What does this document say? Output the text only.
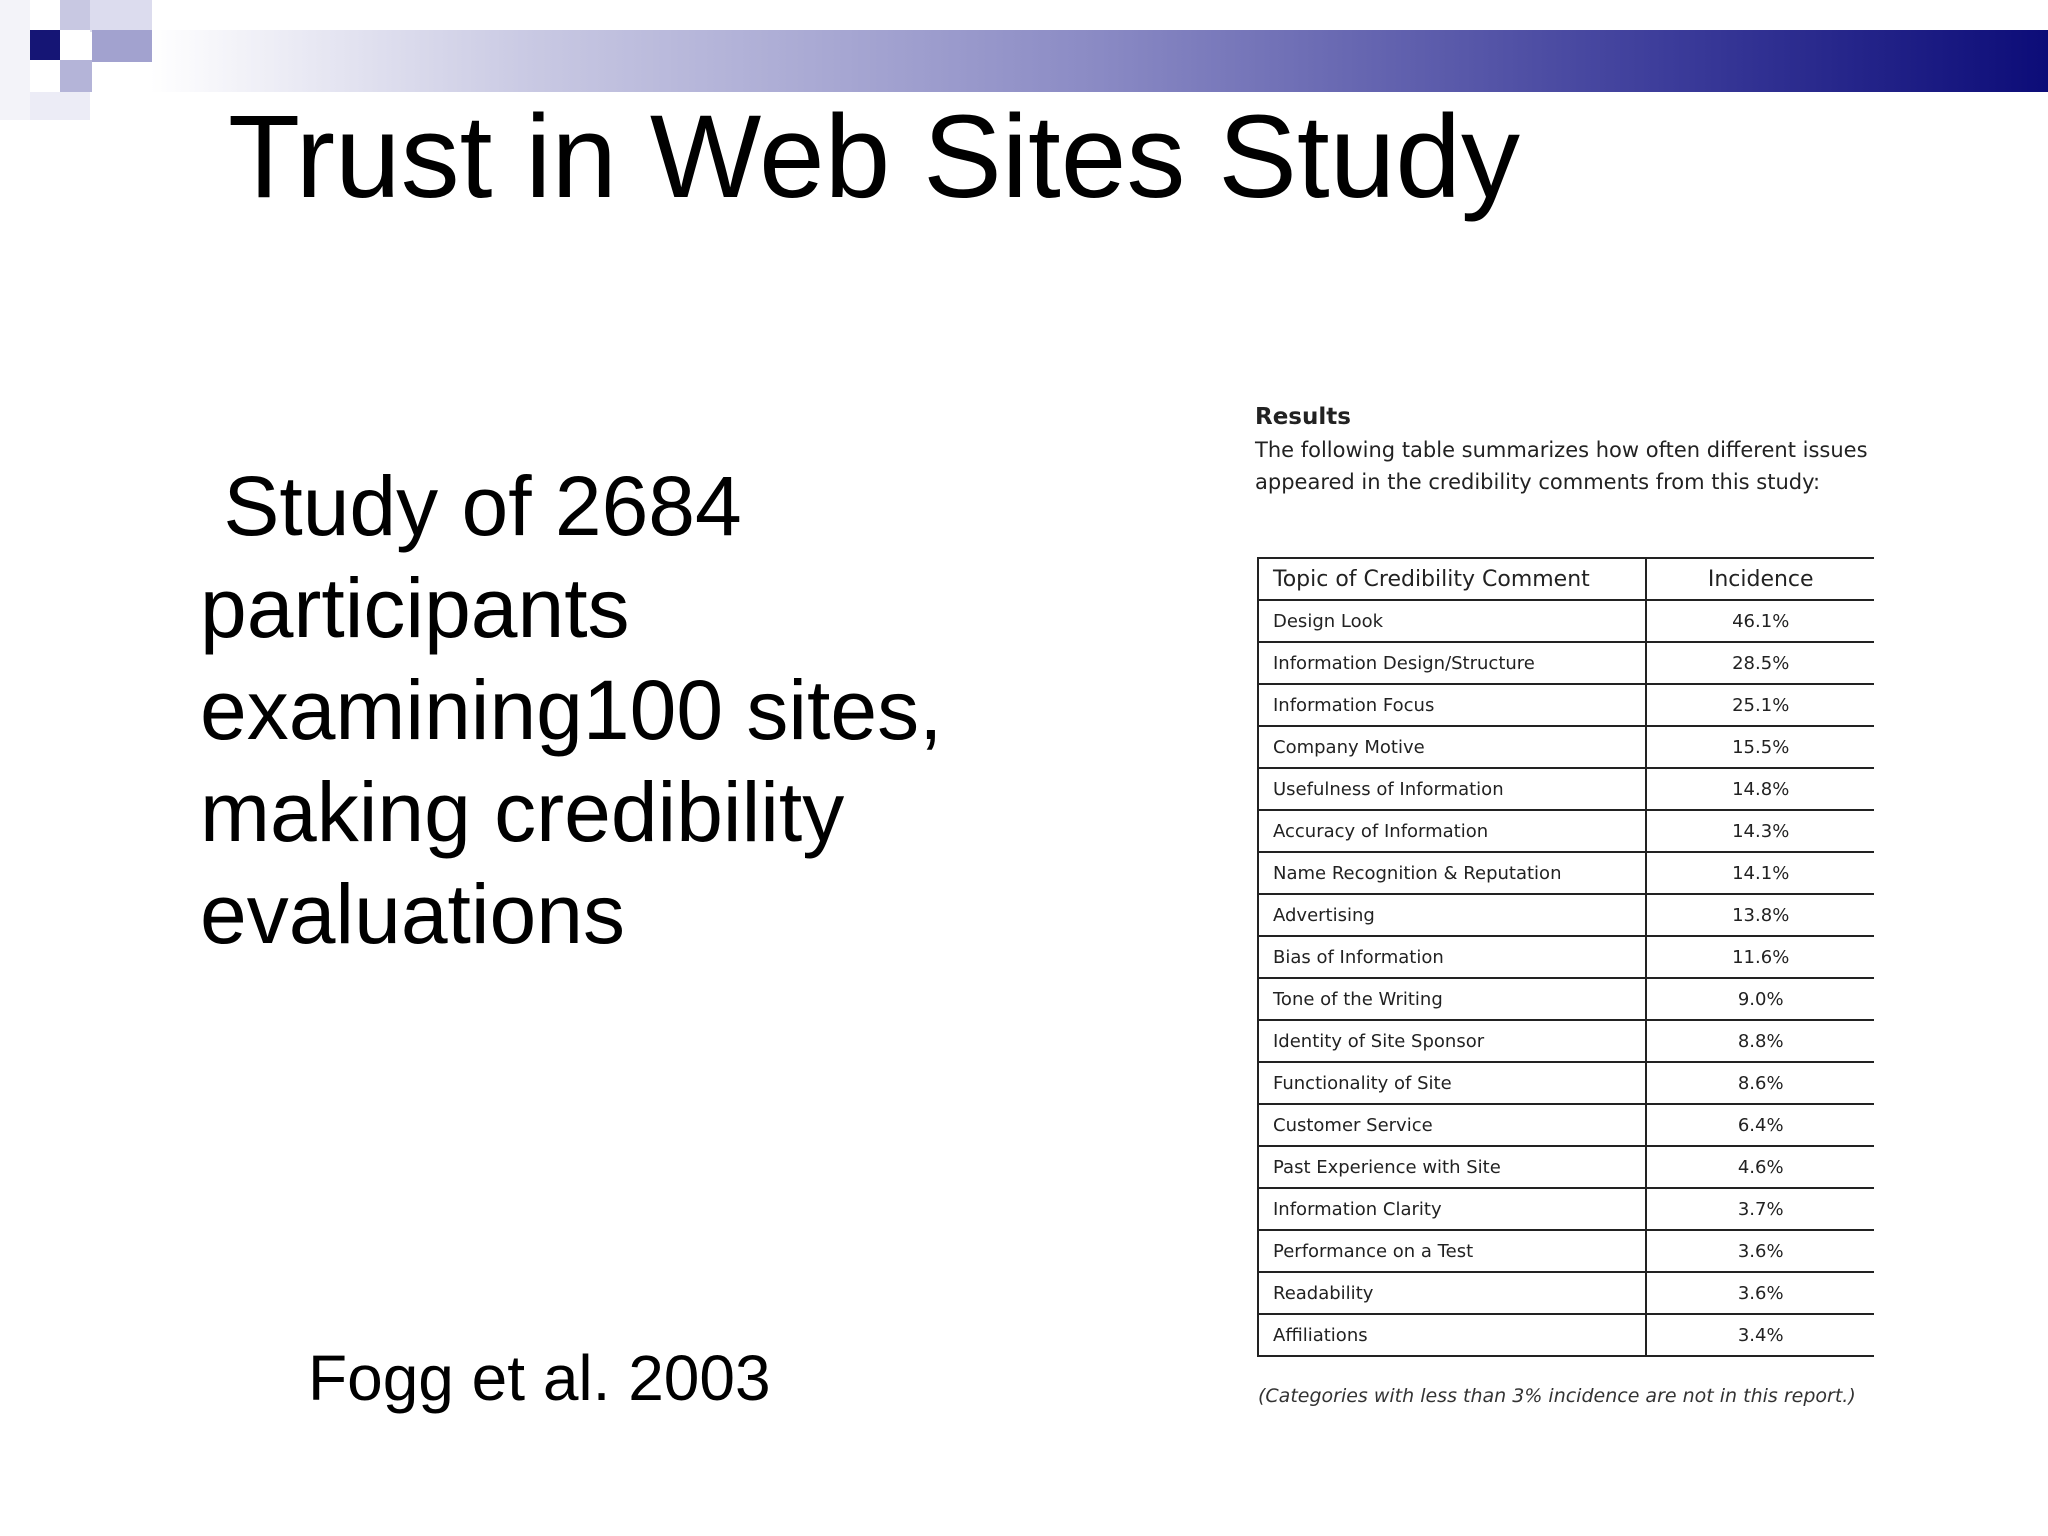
Trust in Web Sites Study
Study of 2684
participants
examining100 sites,
making credibility
evaluations
Fogg et al. 2003

Results

The following table summarizes how often different issues appeared in the credibility comments from this study:

Topic of Credibility Comment	Incidence
Design Look	46.1%
Information Design/Structure	28.5%
Information Focus	25.1%
Company Motive	15.5%
Usefulness of Information	14.8%
Accuracy of Information	14.3%
Name Recognition & Reputation	14.1%
Advertising	13.8%
Bias of Information	11.6%
Tone of the Writing	9.0%
Identity of Site Sponsor	8.8%
Functionality of Site	8.6%
Customer Service	6.4%
Past Experience with Site	4.6%
Information Clarity	3.7%
Performance on a Test	3.6%
Readability	3.6%
Affiliations	3.4%
(Categories with less than 3% incidence are not in this report.)
